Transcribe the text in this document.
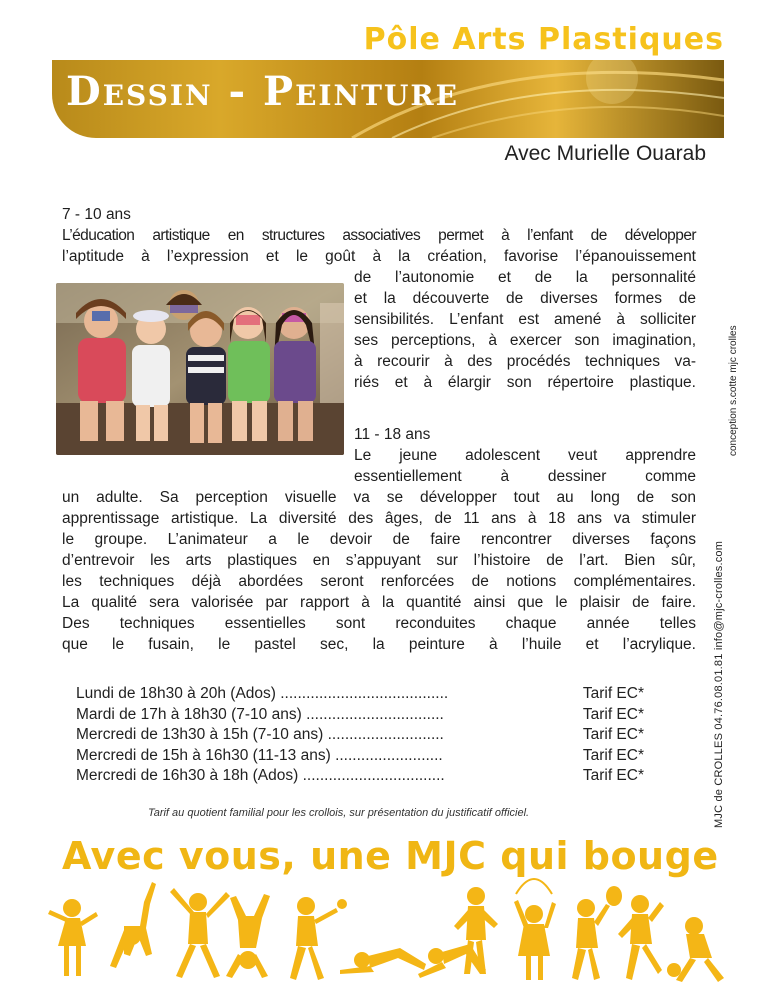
Pôle Arts Plastiques
Dessin - Peinture
Avec Murielle Ouarab
conception s.cotte mjc crolles
MJC de CROLLES 04.76.08.01.81 info@mjc-crolles.com
7 - 10 ans
L’éducation artistique en structures associatives permet à l’enfant de développer
l’aptitude à l’expression et le goût à la création, favorise l’épanouissement
de l’autonomie et de la personnalité
et la découverte de diverses formes de
sensibilités. L’enfant est amené à solliciter
ses perceptions, à exercer son imagination,
à recourir à des procédés techniques va-
riés et à élargir son répertoire plastique.
11 - 18 ans
Le jeune adolescent veut apprendre
essentiellement à dessiner comme
un adulte. Sa perception visuelle va se développer tout au long de son
apprentissage artistique. La diversité des âges, de 11 ans à 18 ans va stimuler
le groupe. L’animateur a le devoir de faire rencontrer diverses façons
d’entrevoir les arts plastiques en s’appuyant sur l’histoire de l’art. Bien sûr,
les techniques déjà abordées seront renforcées de notions complémentaires.
La qualité sera valorisée par rapport à la quantité ainsi que le plaisir de faire.
Des techniques essentielles sont reconduites chaque année telles
que le fusain, le pastel sec, la peinture à l’huile et l’acrylique.
Lundi de 18h30 à 20h (Ados) .......................................	Tarif EC*
Mardi de 17h à 18h30 (7-10 ans) ................................	Tarif EC*
Mercredi de 13h30 à 15h (7-10 ans) ...........................	Tarif EC*
Mercredi de 15h à 16h30 (11-13 ans) .........................	Tarif EC*
Mercredi de 16h30 à 18h (Ados) .................................	Tarif EC*
Tarif au quotient familial pour les crollois, sur présentation du justificatif officiel.
Avec vous, une MJC qui bouge
